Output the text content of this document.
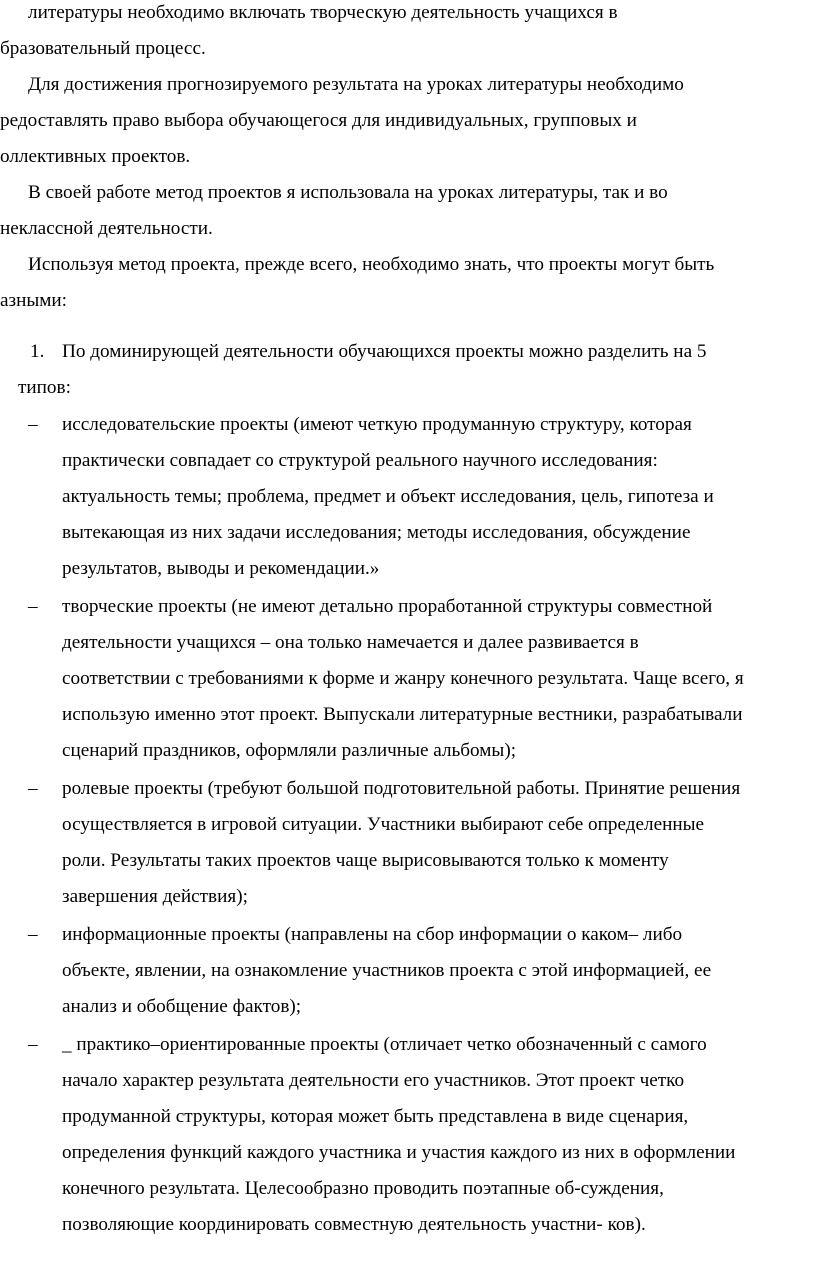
литературы необходимо включать творческую деятельность учащихся в
бразовательный процесс.
Для достижения прогнозируемого результата на уроках литературы необходимо
редоставлять право выбора обучающегося для индивидуальных, групповых и
оллективных проектов.
В своей работе метод проектов я использовала на уроках литературы, так и во
неклассной деятельности.
Используя метод проекта, прежде всего, необходимо знать, что проекты могут быть
азными:
1. По доминирующей деятельности обучающихся проекты можно разделить на 5
типов:
– исследовательские проекты (имеют четкую продуманную структуру, которая
практически совпадает со структурой реального научного исследования:
актуальность темы; проблема, предмет и объект исследования, цель, гипотеза и
вытекающая из них задачи исследования; методы исследования, обсуждение
результатов, выводы и рекомендации.»
– творческие проекты (не имеют детально проработанной структуры совместной
деятельности учащихся – она только намечается и далее развивается в
соответствии с требованиями к форме и жанру конечного результата. Чаще всего, я
использую именно этот проект. Выпускали литературные вестники, разрабатывали
сценарий праздников, оформляли различные альбомы);
– ролевые проекты (требуют большой подготовительной работы. Принятие решения
осуществляется в игровой ситуации. Участники выбирают себе определенные
роли. Результаты таких проектов чаще вырисовываются только к моменту
завершения действия);
– информационные проекты (направлены на сбор информации о каком– либо
объекте, явлении, на ознакомление участников проекта с этой информацией, ее
анализ и обобщение фактов);
– _ практико–ориентированные проекты (отличает четко обозначенный с самого
начало характер результата деятельности его участников. Этот проект четко
продуманной структуры, которая может быть представлена в виде сценария,
определения функций каждого участника и участия каждого из них в оформлении
конечного результата. Целесообразно проводить поэтапные об-суждения,
позволяющие координировать совместную деятельность участни- ков).
